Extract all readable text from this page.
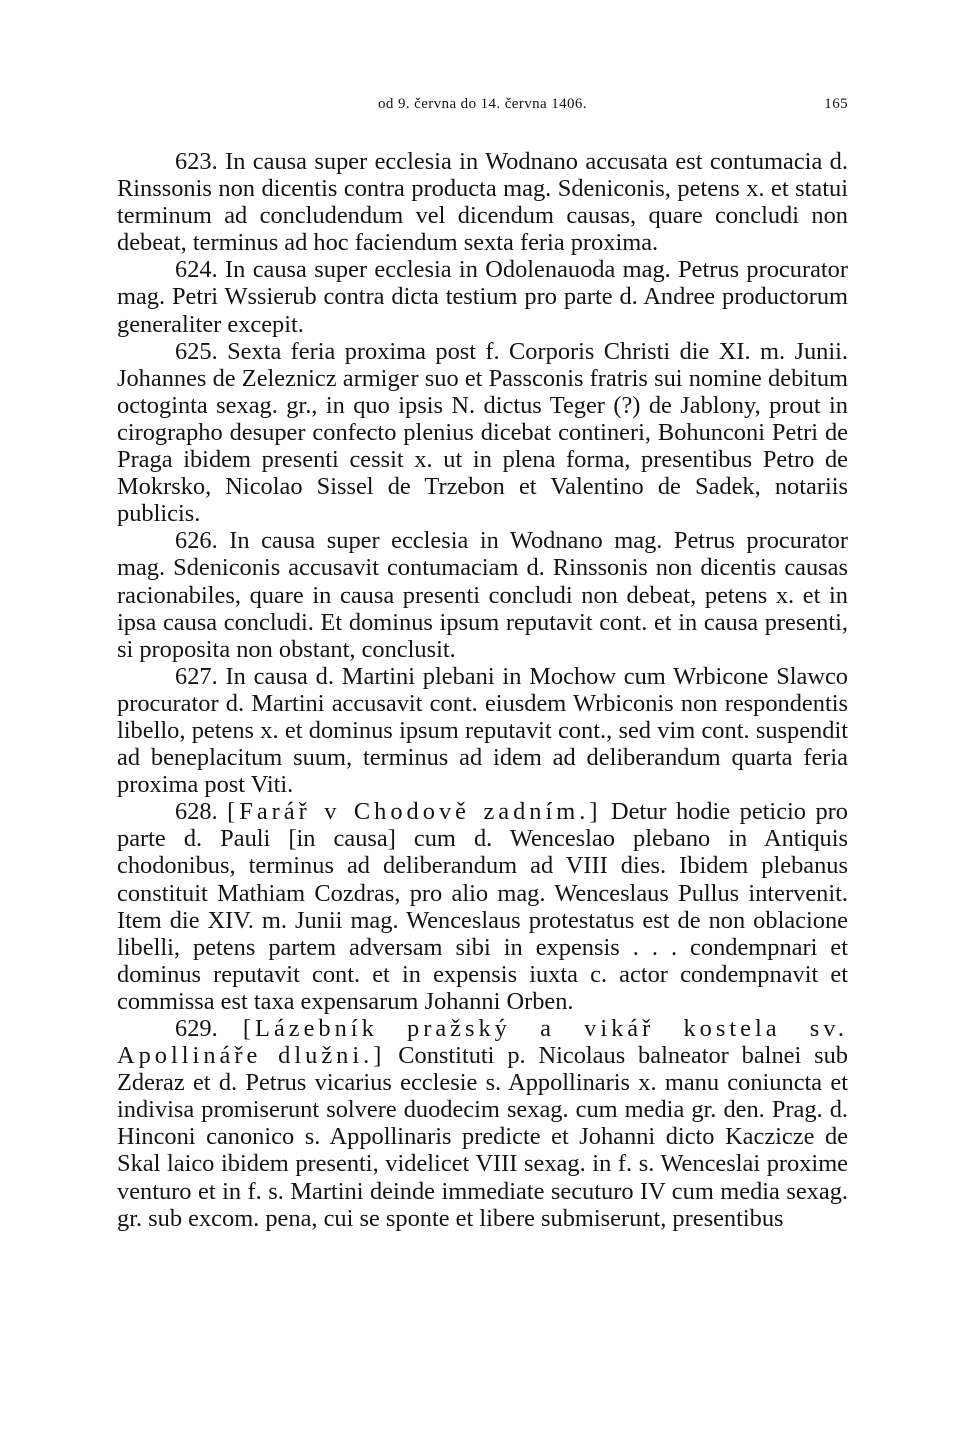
od 9. června do 14. června 1406.	165

623. In causa super ecclesia in Wodnano accusata est contumacia d. Rinssonis non dicentis contra producta mag. Sdeniconis, petens x. et statui terminum ad concludendum vel dicendum causas, quare concludi non debeat, terminus ad hoc faciendum sexta feria proxima.

624. In causa super ecclesia in Odolenauoda mag. Petrus procurator mag. Petri Wssierub contra dicta testium pro parte d. Andree productorum generaliter excepit.

625. Sexta feria proxima post f. Corporis Christi die XI. m. Junii. Johannes de Zeleznicz armiger suo et Passconis fratris sui nomine debitum octoginta sexag. gr., in quo ipsis N. dictus Teger (?) de Jablony, prout in cirographo desuper confecto plenius dicebat contineri, Bohunconi Petri de Praga ibidem presenti cessit x. ut in plena forma, presentibus Petro de Mokrsko, Nicolao Sissel de Trzebon et Valentino de Sadek, notariis publicis.

626. In causa super ecclesia in Wodnano mag. Petrus procurator mag. Sdeniconis accusavit contumaciam d. Rinssonis non dicentis causas racionabiles, quare in causa presenti concludi non debeat, petens x. et in ipsa causa concludi. Et dominus ipsum reputavit cont. et in causa presenti, si proposita non obstant, conclusit.

627. In causa d. Martini plebani in Mochow cum Wrbicone Slawco procurator d. Martini accusavit cont. eiusdem Wrbiconis non respondentis libello, petens x. et dominus ipsum reputavit cont., sed vim cont. suspendit ad beneplacitum suum, terminus ad idem ad deliberandum quarta feria proxima post Viti.

628. [Farář v Chodově zadním.] Detur hodie peticio pro parte d. Pauli [in causa] cum d. Wenceslao plebano in Antiquis chodonibus, terminus ad deliberandum ad VIII dies. Ibidem plebanus constituit Mathiam Cozdras, pro alio mag. Wenceslaus Pullus intervenit. Item die XIV. m. Junii mag. Wenceslaus protestatus est de non oblacione libelli, petens partem adversam sibi in expensis . . . condempnari et dominus reputavit cont. et in expensis iuxta c. actor condempnavit et commissa est taxa expensarum Johanni Orben.

629. [Lázebník pražský a vikář kostela sv. Apollináře dlužni.] Constituti p. Nicolaus balneator balnei sub Zderaz et d. Petrus vicarius ecclesie s. Appollinaris x. manu coniuncta et indivisa promiserunt solvere duodecim sexag. cum media gr. den. Prag. d. Hinconi canonico s. Appollinaris predicte et Johanni dicto Kaczicze de Skal laico ibidem presenti, videlicet VIII sexag. in f. s. Wenceslai proxime venturo et in f. s. Martini deinde immediate secuturo IV cum media sexag. gr. sub excom. pena, cui se sponte et libere submiserunt, presentibus
